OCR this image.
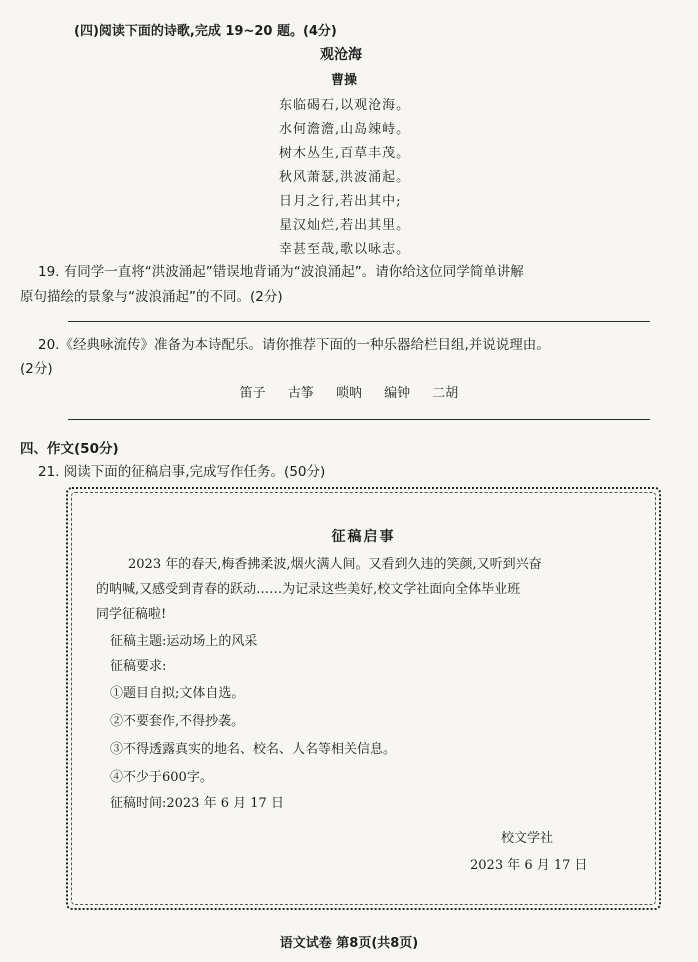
(四)阅读下面的诗歌,完成 19~20 题。(4分)
观沧海
曹操
东临碣石,以观沧海。
水何澹澹,山岛竦峙。
树木丛生,百草丰茂。
秋风萧瑟,洪波涌起。
日月之行,若出其中;
星汉灿烂,若出其里。
幸甚至哉,歌以咏志。
19. 有同学一直将“洪波涌起”错误地背诵为“波浪涌起”。请你给这位同学简单讲解
原句描绘的景象与“波浪涌起”的不同。(2分)
20.《经典咏流传》准备为本诗配乐。请你推荐下面的一种乐器给栏目组,并说说理由。
(2分)
笛子 古筝 唢呐 编钟 二胡
四、作文(50分)
21. 阅读下面的征稿启事,完成写作任务。(50分)
征稿启事
2023 年的春天,梅香拂柔波,烟火满人间。又看到久违的笑颜,又听到兴奋
的呐喊,又感受到青春的跃动……为记录这些美好,校文学社面向全体毕业班
同学征稿啦!
征稿主题:运动场上的风采
征稿要求:
①题目自拟;文体自选。
②不要套作,不得抄袭。
③不得透露真实的地名、校名、人名等相关信息。
④不少于600字。
征稿时间:2023 年 6 月 17 日
校文学社
2023 年 6 月 17 日
语文试卷 第8页(共8页)
